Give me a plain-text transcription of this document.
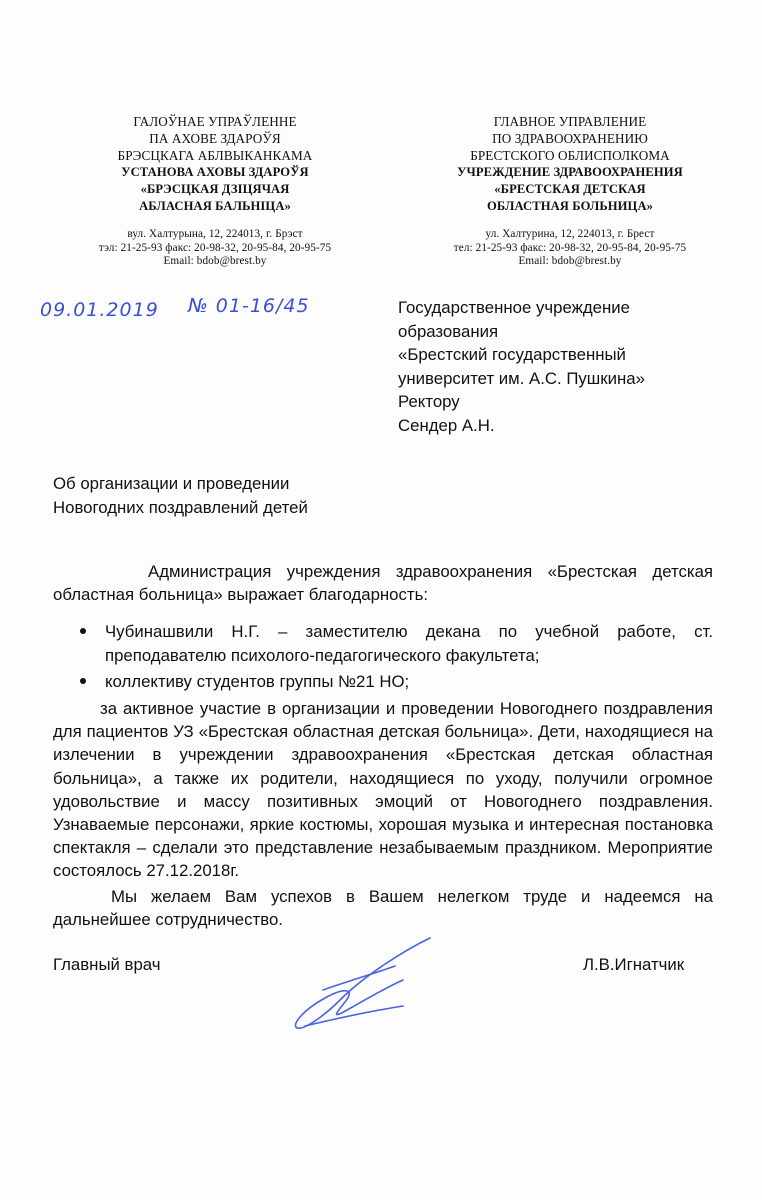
ГАЛОЎНАЕ УПРАЎЛЕННЕ
ПА АХОВЕ ЗДАРОЎЯ
БРЭСЦКАГА АБЛВЫКАНКАМА
УСТАНОВА АХОВЫ ЗДАРОЎЯ
«БРЭСЦКАЯ ДЗІЦЯЧАЯ
АБЛАСНАЯ БАЛЬНІЦА»
вул. Халтурына, 12, 224013, г. Брэст
тэл: 21-25-93 факс: 20-98-32, 20-95-84, 20-95-75
Email: bdob@brest.by
ГЛАВНОЕ УПРАВЛЕНИЕ
ПО ЗДРАВООХРАНЕНИЮ
БРЕСТСКОГО ОБЛИСПОЛКОМА
УЧРЕЖДЕНИЕ ЗДРАВООХРАНЕНИЯ
«БРЕСТСКАЯ ДЕТСКАЯ
ОБЛАСТНАЯ БОЛЬНИЦА»
ул. Халтурина, 12, 224013, г. Брест
тел: 21-25-93 факс: 20-98-32, 20-95-84, 20-95-75
Email: bdob@brest.by
09.01.2019 № 01-16/45	Государственное учреждение
образования
«Брестский государственный
университет им. А.С. Пушкина»
Ректору
Сендер А.Н.
Об организации и проведении
Новогодних поздравлений детей

Администрация учреждения здравоохранения «Брестская детская областная больница» выражает благодарность:

Чубинашвили Н.Г. – заместителю декана по учебной работе, ст. преподавателю психолого-педагогического факультета;
коллективу студентов группы №21 НО;

за активное участие в организации и проведении Новогоднего поздравления для пациентов УЗ «Брестская областная детская больница». Дети, находящиеся на излечении в учреждении здравоохранения «Брестская детская областная больница», а также их родители, находящиеся по уходу, получили огромное удовольствие и массу позитивных эмоций от Новогоднего поздравления. Узнаваемые персонажи, яркие костюмы, хорошая музыка и интересная постановка спектакля – сделали это представление незабываемым праздником. Мероприятие состоялось 27.12.2018г.

Мы желаем Вам успехов в Вашем нелегком труде и надеемся на дальнейшее сотрудничество.

Главный врач	Л.В.Игнатчик
